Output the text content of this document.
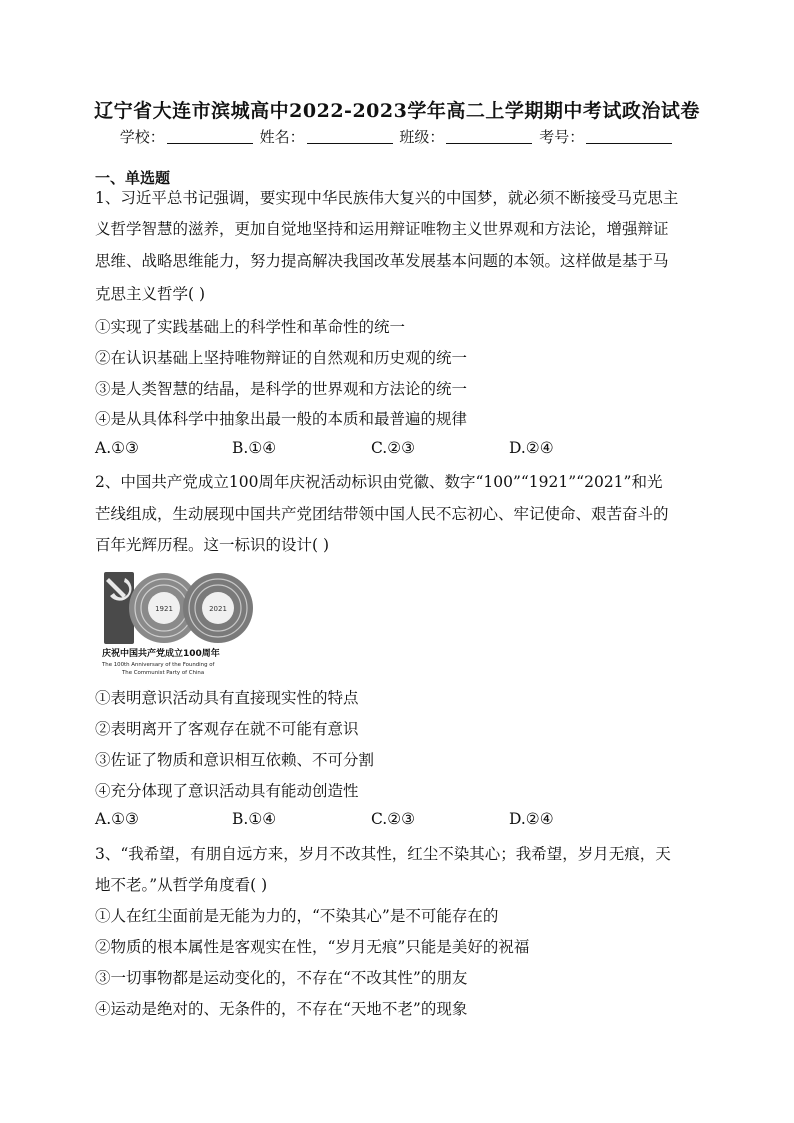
辽宁省大连市滨城高中2022-2023学年高二上学期期中考试政治试卷
学校：	姓名：	班级：	考号：
一、单选题
1、习近平总书记强调，要实现中华民族伟大复兴的中国梦，就必须不断接受马克思主
义哲学智慧的滋养，更加自觉地坚持和运用辩证唯物主义世界观和方法论，增强辩证
思维、战略思维能力，努力提高解决我国改革发展基本问题的本领。这样做是基于马
克思主义哲学( )
①实现了实践基础上的科学性和革命性的统一
②在认识基础上坚持唯物辩证的自然观和历史观的统一
③是人类智慧的结晶，是科学的世界观和方法论的统一
④是从具体科学中抽象出最一般的本质和最普遍的规律
A.①③	B.①④	C.②③	D.②④
2、中国共产党成立100周年庆祝活动标识由党徽、数字“100”“1921”“2021”和光
芒线组成，生动展现中国共产党团结带领中国人民不忘初心、牢记使命、艰苦奋斗的
百年光辉历程。这一标识的设计( )
1921	2021
庆祝中国共产党成立100周年
The 100th Anniversary of the Founding of
The Communist Party of China
①表明意识活动具有直接现实性的特点
②表明离开了客观存在就不可能有意识
③佐证了物质和意识相互依赖、不可分割
④充分体现了意识活动具有能动创造性
A.①③	B.①④	C.②③	D.②④
3、“我希望，有朋自远方来，岁月不改其性，红尘不染其心；我希望，岁月无痕，天
地不老。”从哲学角度看( )
①人在红尘面前是无能为力的，“不染其心”是不可能存在的
②物质的根本属性是客观实在性，“岁月无痕”只能是美好的祝福
③一切事物都是运动变化的，不存在“不改其性”的朋友
④运动是绝对的、无条件的，不存在“天地不老”的现象
